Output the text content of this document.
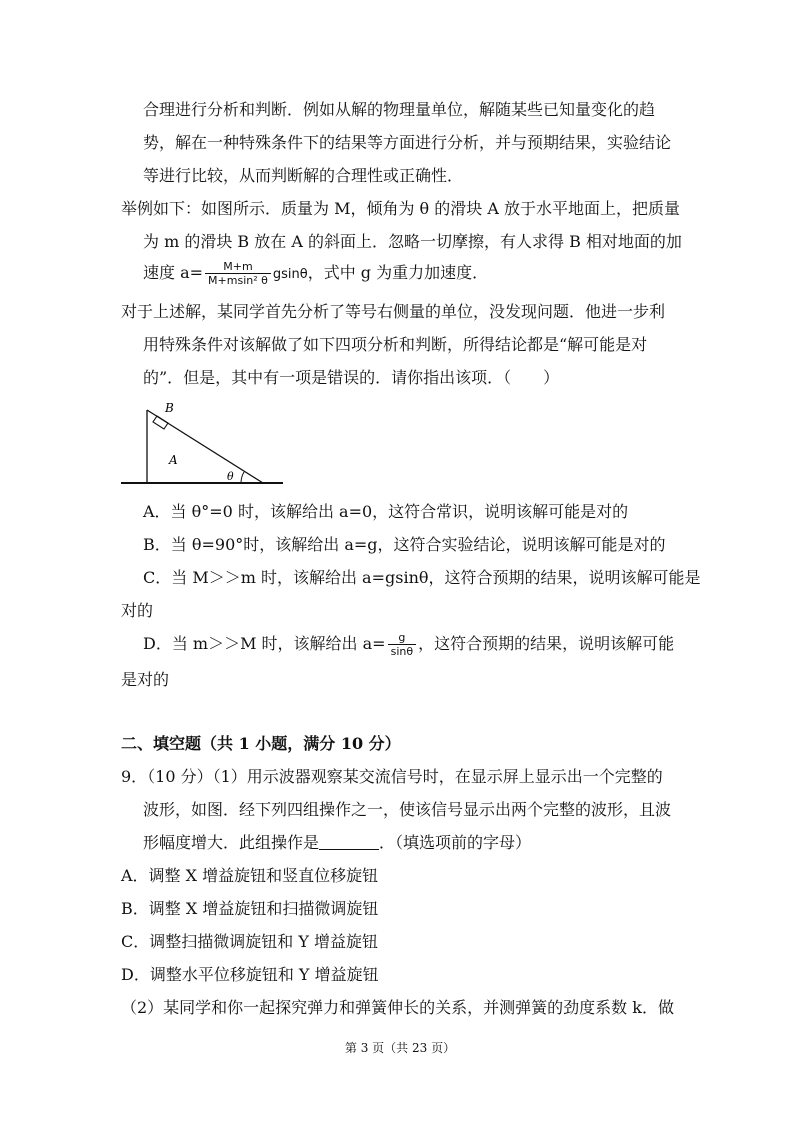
合理进行分析和判断．例如从解的物理量单位，解随某些已知量变化的趋
势，解在一种特殊条件下的结果等方面进行分析，并与预期结果，实验结论
等进行比较，从而判断解的合理性或正确性．
举例如下：如图所示．质量为 M，倾角为 θ 的滑块 A 放于水平地面上，把质量
为 m 的滑块 B 放在 A 的斜面上．忽略一切摩擦，有人求得 B 相对地面的加
速度 $a= \frac{M+m}{\text{M+msin² θ}}$ gsinθ，式中 g 为重力加速度．
对于上述解，某同学首先分析了等号右侧量的单位，没发现问题．他进一步利
用特殊条件对该解做了如下四项分析和判断，所得结论都是“解可能是对
的”．但是，其中有一项是错误的．请你指出该项．（　　）
B
A
θ
A．当 θ°=0 时，该解给出 a=0，这符合常识，说明该解可能是对的
B．当 θ=90°时，该解给出 a=g，这符合实验结论，说明该解可能是对的
C．当 M＞＞m 时，该解给出 a=gsinθ，这符合预期的结果，说明该解可能是
对的
D．当 m＞＞M 时，该解给出 $a= \frac{g}{\sin\theta}$ ，这符合预期的结果，说明该解可能
是对的
二、填空题（共 1 小题，满分 10 分）
9．（10 分）（1）用示波器观察某交流信号时，在显示屏上显示出一个完整的
波形，如图．经下列四组操作之一，使该信号显示出两个完整的波形，且波
形幅度增大．此组操作是	．（填选项前的字母）
A．调整 X 增益旋钮和竖直位移旋钮
B．调整 X 增益旋钮和扫描微调旋钮
C．调整扫描微调旋钮和 Y 增益旋钮
D．调整水平位移旋钮和 Y 增益旋钮
（2）某同学和你一起探究弹力和弹簧伸长的关系，并测弹簧的劲度系数 k．做
第 3 页（共 23 页）
